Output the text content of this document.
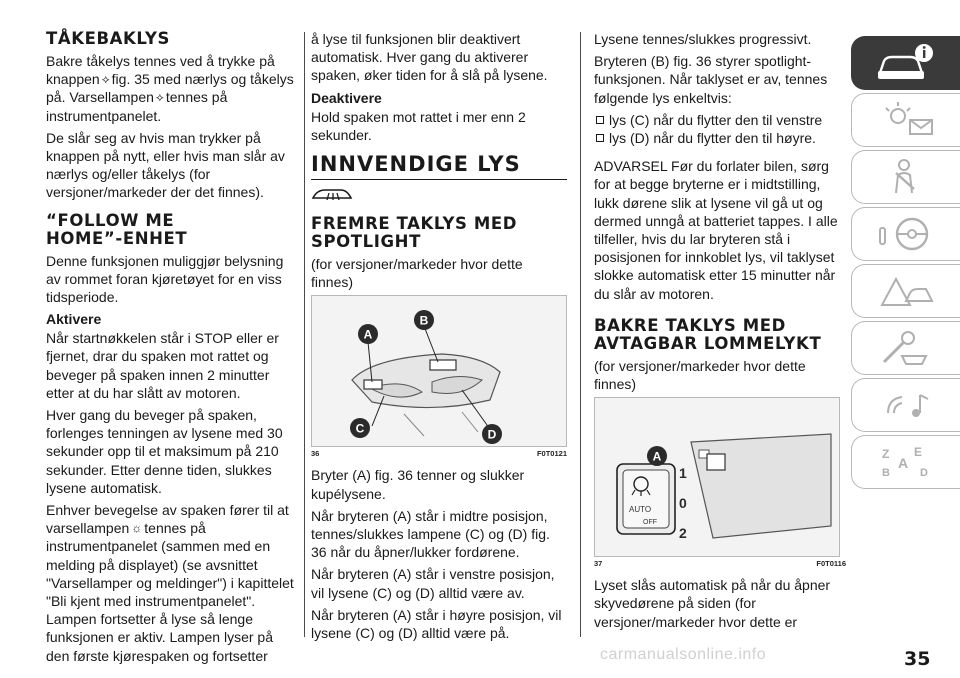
TÅKEBAKLYS

Bakre tåkelys tennes ved å trykke på knappen ⟡ fig. 35 med nærlys og tåkelys på. Varsellampen ⟡ tennes på instrumentpanelet.

De slår seg av hvis man trykker på knappen på nytt, eller hvis man slår av nærlys og/eller tåkelys (for versjoner/markeder der det finnes).

“FOLLOW ME
HOME”-ENHET

Denne funksjonen muliggjør belysning av rommet foran kjøretøyet for en viss tidsperiode.

Aktivere

Når startnøkkelen står i STOP eller er fjernet, drar du spaken mot rattet og beveger på spaken innen 2 minutter etter at du har slått av motoren.

Hver gang du beveger på spaken, forlenges tenningen av lysene med 30 sekunder opp til et maksimum på 210 sekunder. Etter denne tiden, slukkes lysene automatisk.

Enhver bevegelse av spaken fører til at varsellampen ☼ tennes på instrumentpanelet (sammen med en melding på displayet) (se avsnittet "Varsellamper og meldinger") i kapittelet "Bli kjent med instrumentpanelet". Lampen fortsetter å lyse så lenge funksjonen er aktiv. Lampen lyser på den første kjørespaken og fortsetter

å lyse til funksjonen blir deaktivert automatisk. Hver gang du aktiverer spaken, øker tiden for å slå på lysene.

Deaktivere

Hold spaken mot rattet i mer enn 2 sekunder.

INNVENDIGE LYS
FREMRE TAKLYS MED
SPOTLIGHT

(for versjoner/markeder hvor dette finnes)

A
B
C	D
36	F0T0121

Bryter (A) fig. 36 tenner og slukker kupélysene.

Når bryteren (A) står i midtre posisjon, tennes/slukkes lampene (C) og (D) fig. 36 når du åpner/lukker fordørene.

Når bryteren (A) står i venstre posisjon, vil lysene (C) og (D) alltid være av.

Når bryteren (A) står i høyre posisjon, vil lysene (C) og (D) alltid være på.

Lysene tennes/slukkes progressivt.

Bryteren (B) fig. 36 styrer spotlight-funksjonen. Når taklyset er av, tennes følgende lys enkeltvis:

lys (C) når du flytter den til venstre
lys (D) når du flytter den til høyre.

ADVARSEL Før du forlater bilen, sørg for at begge bryterne er i midtstilling, lukk dørene slik at lysene vil gå ut og dermed unngå at batteriet tappes. I alle tilfeller, hvis du lar bryteren stå i posisjonen for innkoblet lys, vil taklyset slokke automatisk etter 15 minutter når du slår av motoren.

BAKRE TAKLYS MED
AVTAGBAR LOMMELYKT

(for versjoner/markeder hvor dette finnes)

A
1
0
2
AUTO
OFF
37	F0T0116

Lyset slås automatisk på når du åpner skyvedørene på siden (for versjoner/markeder hvor dette er

Z E
A
B	D
carmanualsonline.info	35
